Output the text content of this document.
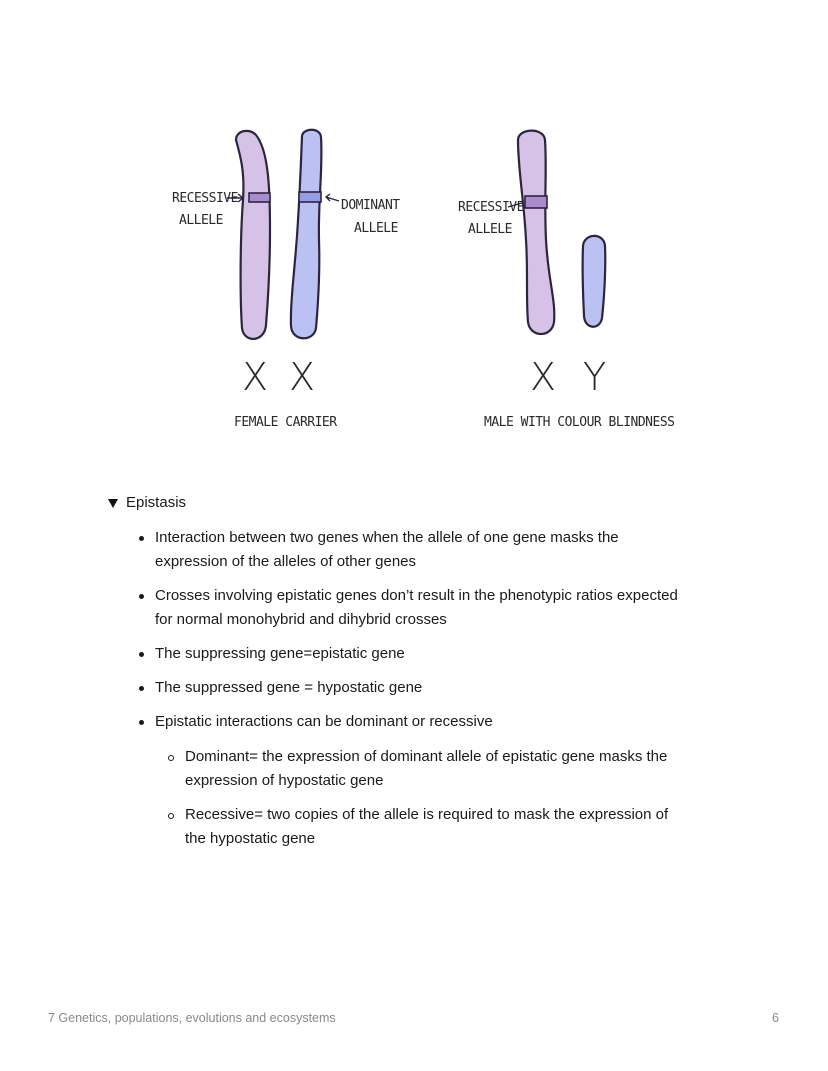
RECESSIVE
ALLELE
DOMINANT
ALLELE
X X
FEMALE CARRIER
RECESSIVE
ALLELE
X Y
MALE WITH COLOUR BLINDNESS
Epistasis
Interaction between two genes when the allele of one gene masks the
expression of the alleles of other genes
Crosses involving epistatic genes don’t result in the phenotypic ratios expected
for normal monohybrid and dihybrid crosses
The suppressing gene=epistatic gene
The suppressed gene = hypostatic gene
Epistatic interactions can be dominant or recessive
Dominant= the expression of dominant allele of epistatic gene masks the
expression of hypostatic gene
Recessive= two copies of the allele is required to mask the expression of
the hypostatic gene
7 Genetics, populations, evolutions and ecosystems	6
